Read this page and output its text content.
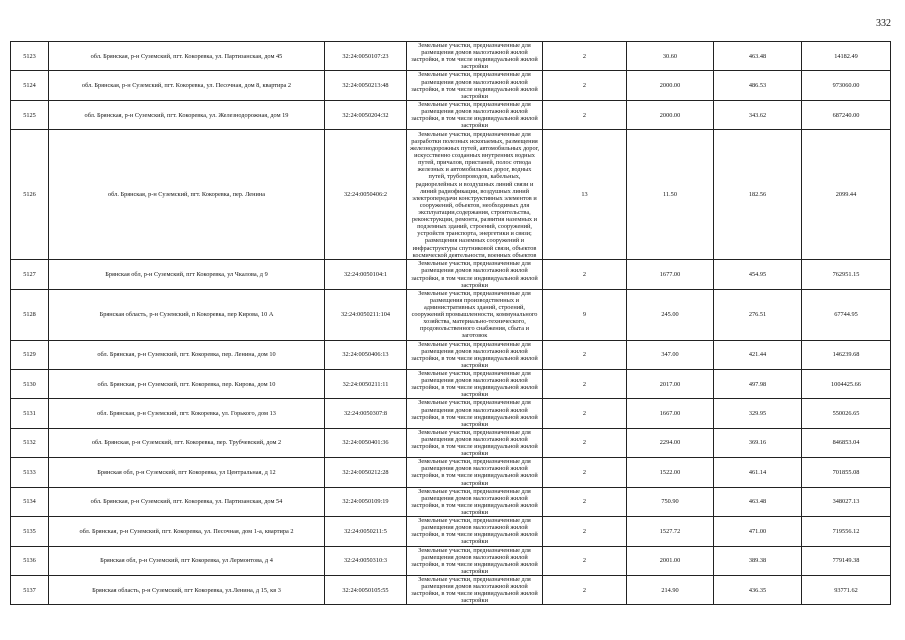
332
5123	обл. Брянская, р-н Суземский, пгт. Кокоревка, ул. Партизанская, дом 45	32:24:0050107:23	Земельные участки, предназначенные для размещения домов малоэтажной жилой застройки, в том числе индивидуальной жилой застройки	2	30.60	463.48	14182.49
5124	обл. Брянская, р-н Суземский, пгт. Кокоревка, ул. Песочная, дом 8, квартира 2	32:24:0050213:48	Земельные участки, предназначенные для размещения домов малоэтажной жилой застройки, в том числе индивидуальной жилой застройки	2	2000.00	486.53	973060.00
5125	обл. Брянская, р-н Суземский, пгт. Кокоревка, ул. Железнодорожная, дом 19	32:24:0050204:32	Земельные участки, предназначенные для размещения домов малоэтажной жилой застройки, в том числе индивидуальной жилой застройки	2	2000.00	343.62	687240.00
5126	обл. Брянская, р-н Суземский, пгт. Кокоревка, пер. Ленина	32:24:0050406:2	Земельные участки, предназначенные для разработки полезных ископаемых, размещения железнодорожных путей, автомобильных дорог, искусственно созданных внутренних водных путей, причалов, пристаней, полос отвода железных и автомобильных дорог, водных путей, трубопроводов, кабельных, радиорелейных и воздушных линий связи и линий радиофикации, воздушных линий электропередачи конструктивных элементов и сооружений, объектов, необходимых для эксплуатации,содержания, строительства, реконструкции, ремонта, развития наземных и подземных зданий, строений, сооружений, устройств транспорта, энергетики и связи; размещения наземных сооружений и инфраструктуры спутниковой связи, объектов космической деятельности, военных объектов	13	11.50	182.56	2099.44
5127	Брянская обл, р-н Суземский, пгт Кокоревка, ул Чкалова, д 9	32:24:0050104:1	Земельные участки, предназначенные для размещения домов малоэтажной жилой застройки, в том числе индивидуальной жилой застройки	2	1677.00	454.95	762951.15
5128	Брянская область, р-н Суземский, п Кокоревка, пер Кирова, 10 А	32:24:0050211:104	Земельные участки, предназначенные для размещения производственных и административных зданий, строений, сооружений промышленности, коммунального хозяйства, материально-технического, продовольственного снабжения, сбыта и заготовок	9	245.00	276.51	67744.95
5129	обл. Брянская, р-н Суземский, пгт. Кокоревка, пер. Ленина, дом 10	32:24:0050406:13	Земельные участки, предназначенные для размещения домов малоэтажной жилой застройки, в том числе индивидуальной жилой застройки	2	347.00	421.44	146239.68
5130	обл. Брянская, р-н Суземский, пгт. Кокоревка, пер. Кирова, дом 10	32:24:0050211:11	Земельные участки, предназначенные для размещения домов малоэтажной жилой застройки, в том числе индивидуальной жилой застройки	2	2017.00	497.98	1004425.66
5131	обл. Брянская, р-н Суземский, пгт. Кокоревка, ул. Горького, дом 13	32:24:0050307:8	Земельные участки, предназначенные для размещения домов малоэтажной жилой застройки, в том числе индивидуальной жилой застройки	2	1667.00	329.95	550026.65
5132	обл. Брянская, р-н Суземский, пгт. Кокоревка, пер. Трубчевский, дом 2	32:24:0050401:36	Земельные участки, предназначенные для размещения домов малоэтажной жилой застройки, в том числе индивидуальной жилой застройки	2	2294.00	369.16	846853.04
5133	Брянская обл, р-н Суземский, пгт Кокоревка, ул Центральная, д 12	32:24:0050212:28	Земельные участки, предназначенные для размещения домов малоэтажной жилой застройки, в том числе индивидуальной жилой застройки	2	1522.00	461.14	701855.08
5134	обл. Брянская, р-н Суземский, пгт. Кокоревка, ул. Партизанская, дом 54	32:24:0050109:19	Земельные участки, предназначенные для размещения домов малоэтажной жилой застройки, в том числе индивидуальной жилой застройки	2	750.90	463.48	348027.13
5135	обл. Брянская, р-н Суземский, пгт. Кокоревка, ул. Песочная, дом 1-а, квартира 2	32:24:0050211:5	Земельные участки, предназначенные для размещения домов малоэтажной жилой застройки, в том числе индивидуальной жилой застройки	2	1527.72	471.00	719556.12
5136	Брянская обл, р-н Суземский, пгт Кокоревка, ул Лермонтова, д 4	32:24:0050310:3	Земельные участки, предназначенные для размещения домов малоэтажной жилой застройки, в том числе индивидуальной жилой застройки	2	2001.00	389.38	779149.38
5137	Брянская область, р-н Суземский, пгт Кокоревка, ул.Ленина, д 15, кв 3	32:24:0050105:55	Земельные участки, предназначенные для размещения домов малоэтажной жилой застройки, в том числе индивидуальной жилой застройки	2	214.90	436.35	93771.62
